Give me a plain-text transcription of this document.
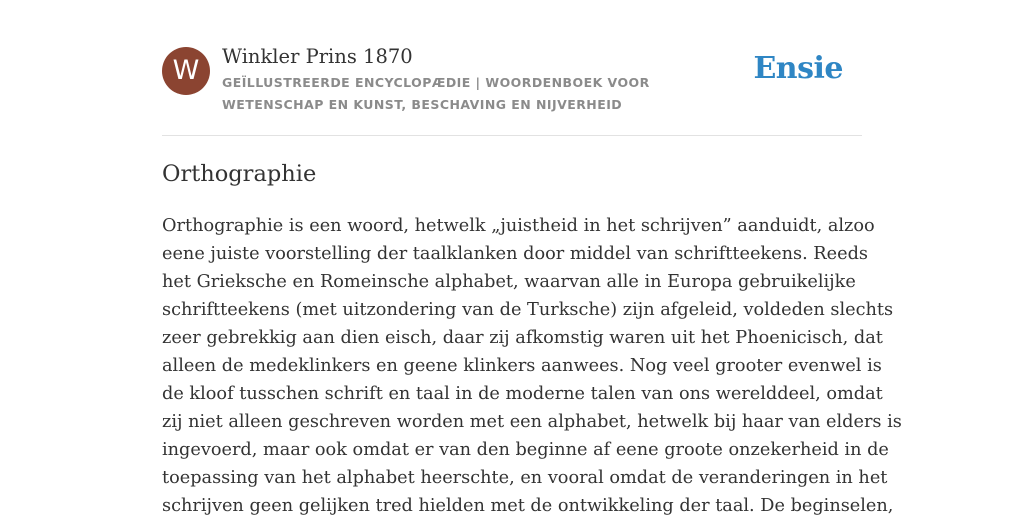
W	Winkler Prins 1870
GEÏLLUSTREERDE ENCYCLOPÆDIE | WOORDENBOEK VOOR WETENSCHAP EN KUNST, BESCHAVING EN NIJVERHEID
Ensie
Orthographie

Orthographie is een woord, hetwelk „juistheid in het schrijven” aanduidt, alzoo
eene juiste voorstelling der taalklanken door middel van schriftteekens. Reeds
het Grieksche en Romeinsche alphabet, waarvan alle in Europa gebruikelijke
schriftteekens (met uitzondering van de Turksche) zijn afgeleid, voldeden slechts
zeer gebrekkig aan dien eisch, daar zij afkomstig waren uit het Phoenicisch, dat
alleen de medeklinkers en geene klinkers aanwees. Nog veel grooter evenwel is
de kloof tusschen schrift en taal in de moderne talen van ons werelddeel, omdat
zij niet alleen geschreven worden met een alphabet, hetwelk bij haar van elders is
ingevoerd, maar ook omdat er van den beginne af eene groote onzekerheid in de
toepassing van het alphabet heerschte, en vooral omdat de veranderingen in het
schrijven geen gelijken tred hielden met de ontwikkeling der taal. De beginselen,
